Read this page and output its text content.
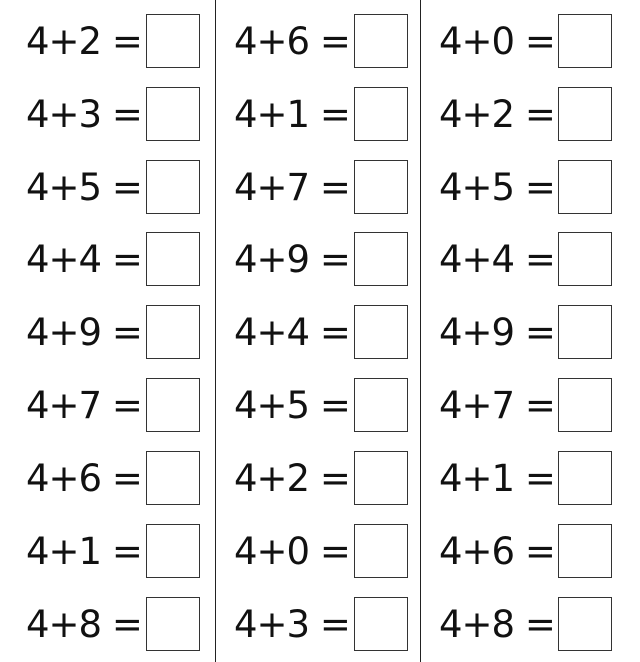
4+2 =
4+3 =
4+5 =
4+4 =
4+9 =
4+7 =
4+6 =
4+1 =
4+8 =
4+6 =
4+1 =
4+7 =
4+9 =
4+4 =
4+5 =
4+2 =
4+0 =
4+3 =
4+0 =
4+2 =
4+5 =
4+4 =
4+9 =
4+7 =
4+1 =
4+6 =
4+8 =
